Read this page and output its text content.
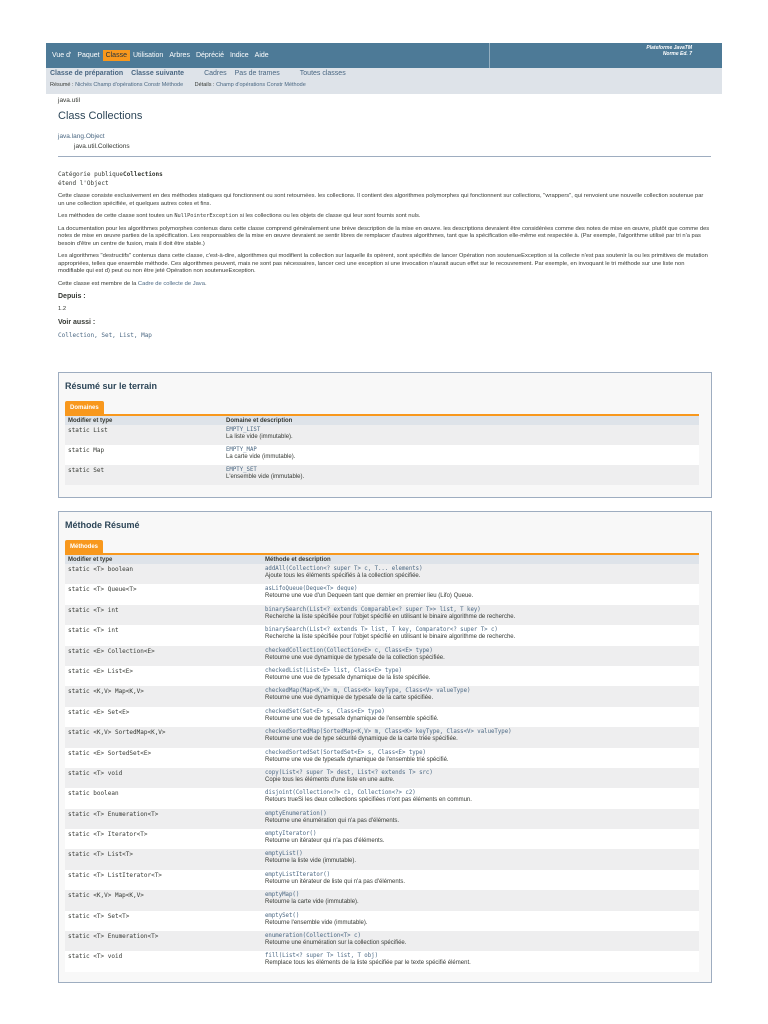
Vue d' Paquet Classe Utilisation Arbres Déprécié Indice Aide
Plateforme JavaTM
Norme Ed. 7
Classe de préparation Classe suivante	Cadres Pas de trames	Toutes classes
Résumé : Nichés Champ d'opérations Constr Méthode Détails : Champ d'opérations Constr Méthode
java.util
Class Collections
java.lang.Object
java.util.Collections
Catégorie publiqueCollections
étend l'Object

Cette classe consiste exclusivement en des méthodes statiques qui fonctionnent ou sont retournées. les collections. Il contient des algorithmes polymorphes qui fonctionnent sur collections, "wrappers", qui renvoient une nouvelle collection soutenue par un une collection spécifiée, et quelques autres cotes et fins.

Les méthodes de cette classe sont toutes un NullPointerException si les collections ou les objets de classe qui leur sont fournis sont nuls.

La documentation pour les algorithmes polymorphes contenus dans cette classe comprend généralement une brève description de la mise en œuvre. les descriptions devraient être considérées comme des notes de mise en œuvre, plutôt que comme des notes de mise en œuvre parties de la spécification. Les responsables de la mise en œuvre devraient se sentir libres de remplacer d'autres algorithmes, tant que la spécification elle-même est respectée à. (Par exemple, l'algorithme utilisé par tri n'a pas besoin d'être un centre de fusion, mais il doit être stable.)

Les algorithmes "destructifs" contenus dans cette classe, c'est-à-dire, algorithmes qui modifient la collection sur laquelle ils opèrent, sont spécifiés de lancer Opération non soutenueException si la collecte n'est pas soutenir la ou les primitives de mutation appropriées, telles que ensemble méthode. Ces algorithmes peuvent, mais ne sont pas nécessaires, lancer ceci une exception si une invocation n'aurait aucun effet sur le recouvrement. Par exemple, en invoquant le tri méthode sur une liste non modifiable qui est d) peut ou non être jeté Opération non soutenueException.

Cette classe est membre de la Cadre de collecte de Java.

Depuis :

1.2

Voir aussi :

Collection, Set, List, Map

Résumé sur le terrain
Domaines
Modifier et type	Domaine et description
static List	EMPTY_LIST
La liste vide (immutable).
static Map	EMPTY_MAP
La carte vide (immutable).
static Set	EMPTY_SET
L'ensemble vide (immutable).
Méthode Résumé
Méthodes
Modifier et type	Méthode et description
static <T> boolean	addAll(Collection<? super T> c, T... elements)
Ajoute tous les éléments spécifiés à la collection spécifiée.
static <T> Queue<T>	asLifoQueue(Deque<T> deque)
Retourne une vue d'un Dequeen tant que dernier en premier lieu (Lifo) Queue.
static <T> int	binarySearch(List<? extends Comparable<? super T>> list, T key)
Recherche la liste spécifiée pour l'objet spécifié en utilisant le binaire algorithme de recherche.
static <T> int	binarySearch(List<? extends T> list, T key, Comparator<? super T> c)
Recherche la liste spécifiée pour l'objet spécifié en utilisant le binaire algorithme de recherche.
static <E> Collection<E>	checkedCollection(Collection<E> c, Class<E> type)
Retourne une vue dynamique de typesafe de la collection spécifiée.
static <E> List<E>	checkedList(List<E> list, Class<E> type)
Retourne une vue de typesafe dynamique de la liste spécifiée.
static <K,V> Map<K,V>	checkedMap(Map<K,V> m, Class<K> keyType, Class<V> valueType)
Retourne une vue dynamique de typesafe de la carte spécifiée.
static <E> Set<E>	checkedSet(Set<E> s, Class<E> type)
Retourne une vue de typesafe dynamique de l'ensemble spécifié.
static <K,V> SortedMap<K,V>	checkedSortedMap(SortedMap<K,V> m, Class<K> keyType, Class<V> valueType)
Retourne une vue de type sécurité dynamique de la carte triée spécifiée.
static <E> SortedSet<E>	checkedSortedSet(SortedSet<E> s, Class<E> type)
Retourne une vue de typesafe dynamique de l'ensemble trié spécifié.
static <T> void	copy(List<? super T> dest, List<? extends T> src)
Copie tous les éléments d'une liste en une autre.
static boolean	disjoint(Collection<?> c1, Collection<?> c2)
Retours trueSi les deux collections spécifiées n'ont pas éléments en commun.
static <T> Enumeration<T>	emptyEnumeration()
Retourne une énumération qui n'a pas d'éléments.
static <T> Iterator<T>	emptyIterator()
Retourne un itérateur qui n'a pas d'éléments.
static <T> List<T>	emptyList()
Retourne la liste vide (immutable).
static <T> ListIterator<T>	emptyListIterator()
Retourne un itérateur de liste qui n'a pas d'éléments.
static <K,V> Map<K,V>	emptyMap()
Retourne la carte vide (immutable).
static <T> Set<T>	emptySet()
Retourne l'ensemble vide (immutable).
static <T> Enumeration<T>	enumeration(Collection<T> c)
Retourne une énumération sur la collection spécifiée.
static <T> void	fill(List<? super T> list, T obj)
Remplace tous les éléments de la liste spécifiée par le texte spécifié élément.
